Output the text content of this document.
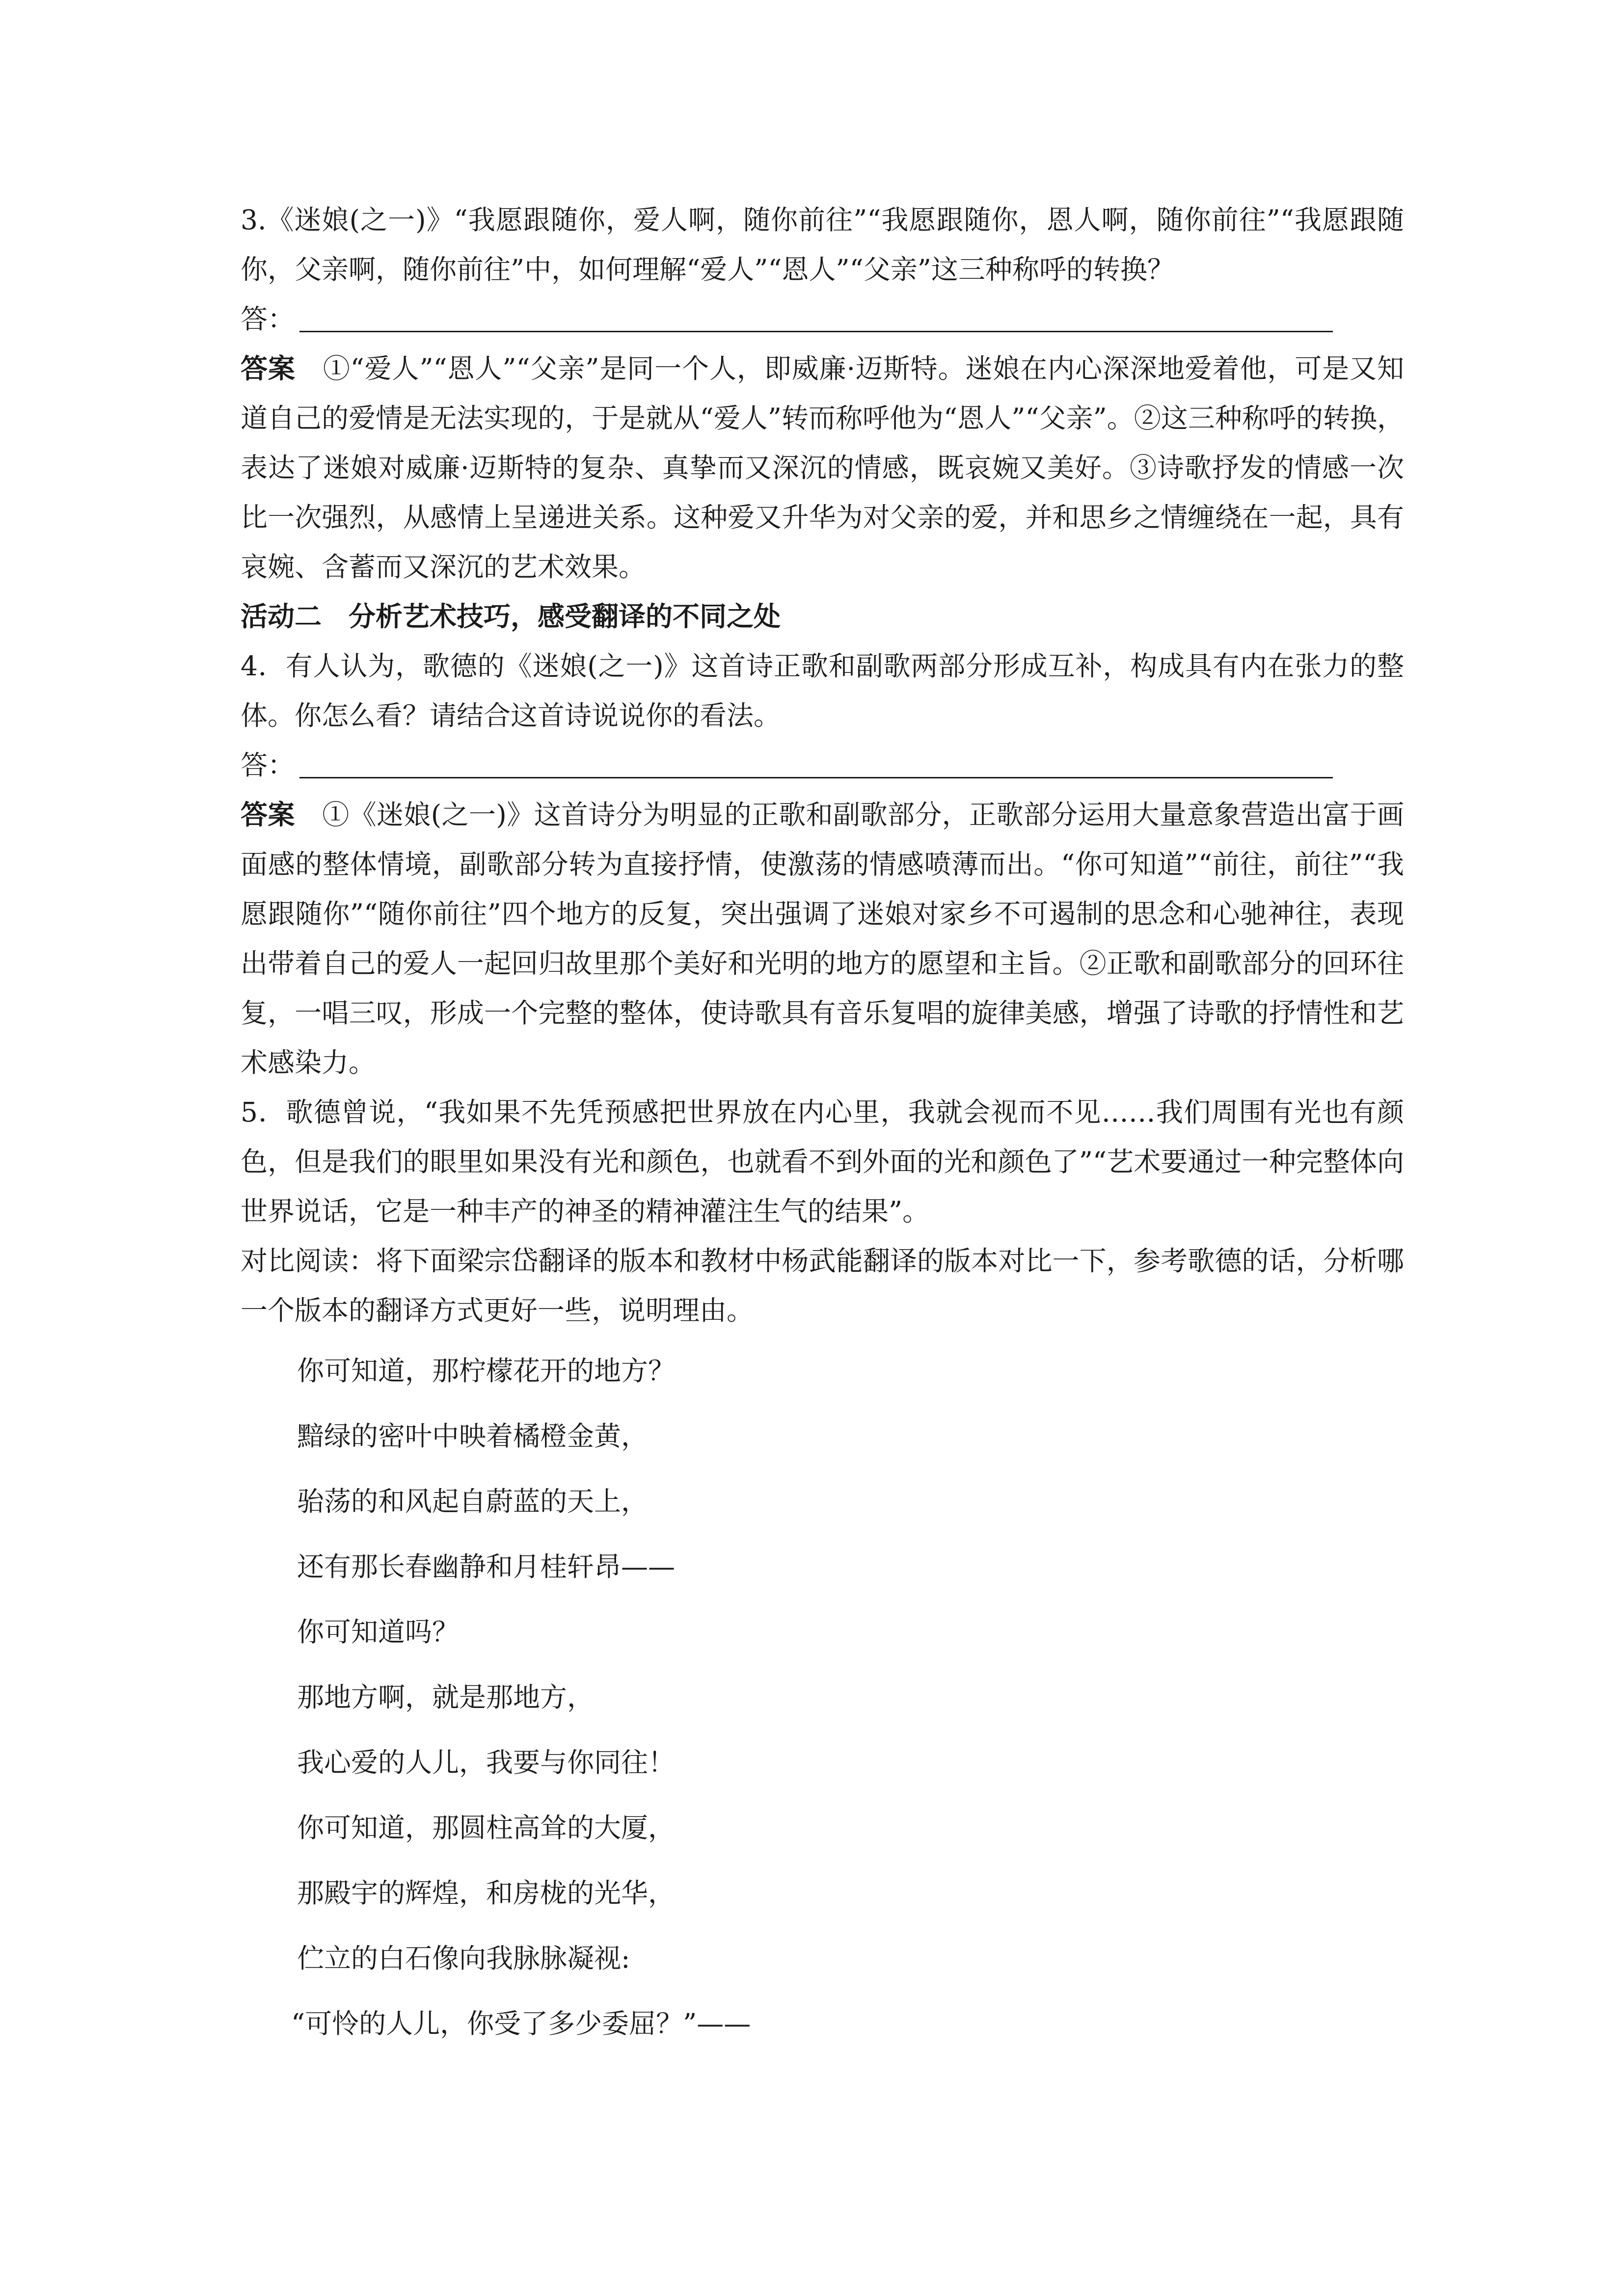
3.《迷娘(之一)》“我愿跟随你，爱人啊，随你前往”“我愿跟随你，恩人啊，随你前往”“我愿跟随你，父亲啊，随你前往”中，如何理解“爱人”“恩人”“父亲”这三种称呼的转换？

答：

答案　 ①“爱人”“恩人”“父亲”是同一个人，即威廉·迈斯特。迷娘在内心深深地爱着他，可是又知道自己的爱情是无法实现的，于是就从“爱人”转而称呼他为“恩人”“父亲”。②这三种称呼的转换，表达了迷娘对威廉·迈斯特的复杂、真挚而又深沉的情感，既哀婉又美好。③诗歌抒发的情感一次比一次强烈，从感情上呈递进关系。这种爱又升华为对父亲的爱，并和思乡之情缠绕在一起，具有哀婉、含蓄而又深沉的艺术效果。

活动二　分析艺术技巧，感受翻译的不同之处

4．有人认为，歌德的《迷娘(之一)》这首诗正歌和副歌两部分形成互补，构成具有内在张力的整体。你怎么看？请结合这首诗说说你的看法。

答：

答案　 ①《迷娘(之一)》这首诗分为明显的正歌和副歌部分，正歌部分运用大量意象营造出富于画面感的整体情境，副歌部分转为直接抒情，使激荡的情感喷薄而出。“你可知道”“前往，前往”“我愿跟随你”“随你前往”四个地方的反复，突出强调了迷娘对家乡不可遏制的思念和心驰神往，表现出带着自己的爱人一起回归故里那个美好和光明的地方的愿望和主旨。②正歌和副歌部分的回环往复，一唱三叹，形成一个完整的整体，使诗歌具有音乐复唱的旋律美感，增强了诗歌的抒情性和艺术感染力。

5．歌德曾说，“我如果不先凭预感把世界放在内心里，我就会视而不见……我们周围有光也有颜色，但是我们的眼里如果没有光和颜色，也就看不到外面的光和颜色了”“艺术要通过一种完整体向世界说话，它是一种丰产的神圣的精神灌注生气的结果”。

对比阅读：将下面梁宗岱翻译的版本和教材中杨武能翻译的版本对比一下，参考歌德的话，分析哪一个版本的翻译方式更好一些，说明理由。

你可知道，那柠檬花开的地方？

黯绿的密叶中映着橘橙金黄，

骀荡的和风起自蔚蓝的天上，

还有那长春幽静和月桂轩昂——

你可知道吗？

那地方啊，就是那地方，

我心爱的人儿，我要与你同往！

你可知道，那圆柱高耸的大厦，

那殿宇的辉煌，和房栊的光华，

伫立的白石像向我脉脉凝视:

“可怜的人儿，你受了多少委屈？”——
